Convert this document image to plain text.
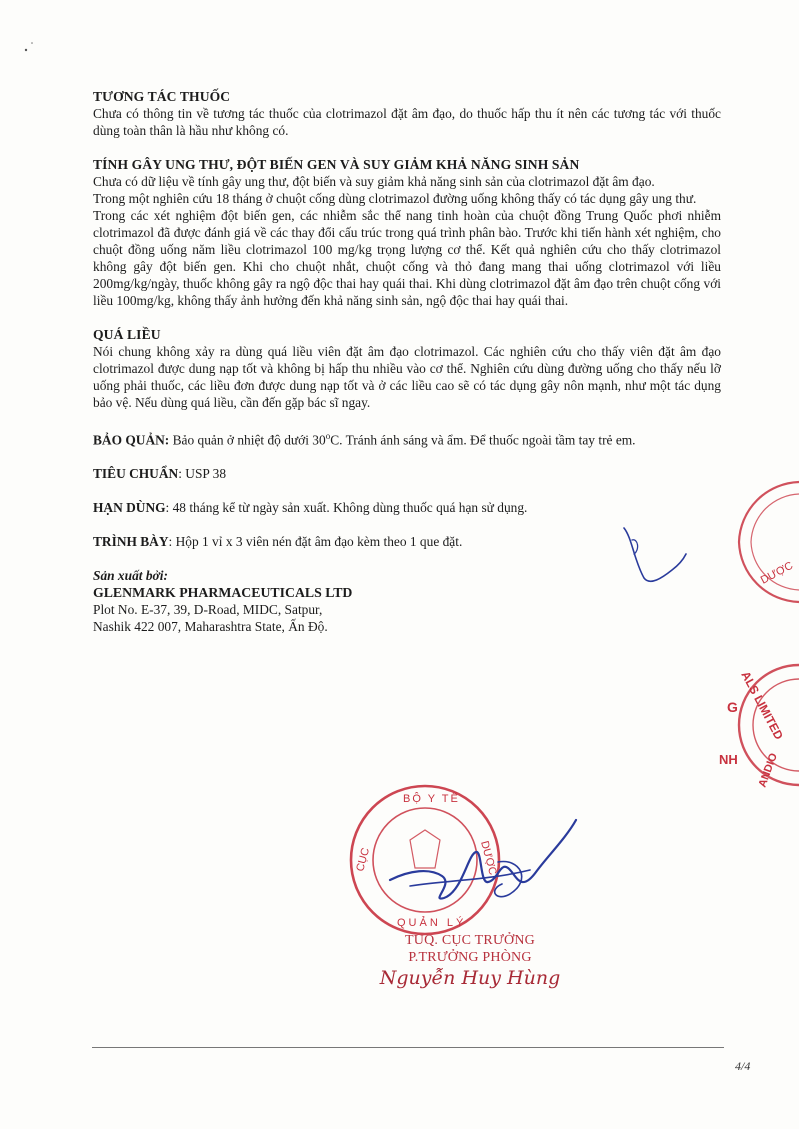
TƯƠNG TÁC THUỐC

Chưa có thông tin về tương tác thuốc của clotrimazol đặt âm đạo, do thuốc hấp thu ít nên các tương tác với thuốc dùng toàn thân là hầu như không có.

TÍNH GÂY UNG THƯ, ĐỘT BIẾN GEN VÀ SUY GIẢM KHẢ NĂNG SINH SẢN

Chưa có dữ liệu về tính gây ung thư, đột biến và suy giảm khả năng sinh sản của clotrimazol đặt âm đạo.

Trong một nghiên cứu 18 tháng ở chuột cống dùng clotrimazol đường uống không thấy có tác dụng gây ung thư.

Trong các xét nghiệm đột biến gen, các nhiễm sắc thể nang tinh hoàn của chuột đồng Trung Quốc phơi nhiễm clotrimazol đã được đánh giá về các thay đổi cấu trúc trong quá trình phân bào. Trước khi tiến hành xét nghiệm, cho chuột đồng uống năm liều clotrimazol 100 mg/kg trọng lượng cơ thể. Kết quả nghiên cứu cho thấy clotrimazol không gây đột biến gen. Khi cho chuột nhắt, chuột cống và thỏ đang mang thai uống clotrimazol với liều 200mg/kg/ngày, thuốc không gây ra ngộ độc thai hay quái thai. Khi dùng clotrimazol đặt âm đạo trên chuột cống với liều 100mg/kg, không thấy ảnh hưởng đến khả năng sinh sản, ngộ độc thai hay quái thai.

QUÁ LIỀU

Nói chung không xảy ra dùng quá liều viên đặt âm đạo clotrimazol. Các nghiên cứu cho thấy viên đặt âm đạo clotrimazol được dung nạp tốt và không bị hấp thu nhiều vào cơ thể. Nghiên cứu dùng đường uống cho thấy nếu lỡ uống phải thuốc, các liều đơn được dung nạp tốt và ở các liều cao sẽ có tác dụng gây nôn mạnh, như một tác dụng bảo vệ. Nếu dùng quá liều, cần đến gặp bác sĩ ngay.

BẢO QUẢN: Bảo quản ở nhiệt độ dưới 30$^o$C. Tránh ánh sáng và ẩm. Để thuốc ngoài tầm tay trẻ em.

TIÊU CHUẨN: USP 38

HẠN DÙNG: 48 tháng kể từ ngày sản xuất. Không dùng thuốc quá hạn sử dụng.

TRÌNH BÀY: Hộp 1 vỉ x 3 viên nén đặt âm đạo kèm theo 1 que đặt.

Sản xuất bởi:
GLENMARK PHARMACEUTICALS LTD
Plot No. E-37, 39, D-Road, MIDC, Satpur,
Nashik 422 007, Maharashtra State, Ấn Độ.
DƯỢC
ALS LIMITED
G
NH ANDIO
BỘ Y TẾ
CỤC
QUẢN LÝ
DƯỢC
TUQ. CỤC TRƯỞNG
P.TRƯỞNG PHÒNG
Nguyễn Huy Hùng
4/4
